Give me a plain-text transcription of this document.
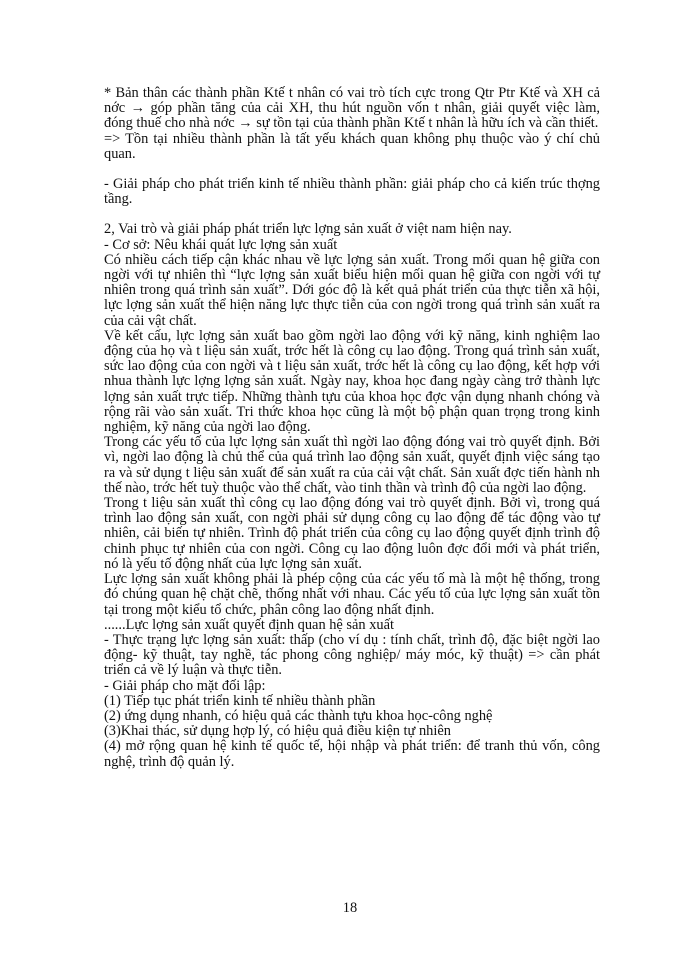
* Bản thân các thành phần Ktế t nhân có vai trò tích cực trong Qtr Ptr Ktế và XH cả nớc → góp phần tăng của cải XH, thu hút nguồn vốn t nhân, giải quyết việc làm, đóng thuế cho nhà nớc → sự tồn tại của thành phần Ktế t nhân là hữu ích và cần thiết.

=> Tồn tại nhiều thành phần là tất yếu khách quan không phụ thuộc vào ý chí chủ quan.

- Giải pháp cho phát triển kinh tế nhiều thành phần: giải pháp cho cả kiến trúc thợng tầng.

2, Vai trò và giải pháp phát triển lực lợng sản xuất ở việt nam hiện nay.

- Cơ sở: Nêu khái quát lực lợng sản xuất

Có nhiều cách tiếp cận khác nhau về lực lợng sản xuất. Trong mối quan hệ giữa con ngời với tự nhiên thì “lực lợng sản xuất biểu hiện mối quan hệ giữa con ngời với tự nhiên trong quá trình sản xuất”. Dới góc độ là kết quả phát triển của thực tiễn xã hội, lực lợng sản xuất thể hiện năng lực thực tiễn của con ngời trong quá trình sản xuất ra của cải vật chất.

Về kết cấu, lực lợng sản xuất bao gồm ngời lao động với kỹ năng, kinh nghiệm lao động của họ và t liệu sản xuất, trớc hết là công cụ lao động. Trong quá trình sản xuất, sức lao động của con ngời và t liệu sản xuất, trớc hết là công cụ lao động, kết hợp với nhua thành lực lợng lợng sản xuất. Ngày nay, khoa học đang ngày càng trở thành lực lợng sản xuất trực tiếp. Những thành tựu của khoa học đợc vận dụng nhanh chóng và rộng rãi vào sản xuất. Tri thức khoa học cũng là một bộ phận quan trọng trong kinh nghiệm, kỹ năng của ngời lao động.

Trong các yếu tố của lực lợng sản xuất thì ngời lao động đóng vai trò quyết định. Bởi vì, ngời lao động là chủ thể của quá trình lao động sản xuất, quyết định việc sáng tạo ra và sử dụng t liệu sản xuất để sản xuất ra của cải vật chất. Sản xuất đợc tiến hành nh thế nào, trớc hết tuỳ thuộc vào thể chất, vào tinh thần và trình độ của ngời lao động.

Trong t liệu sản xuất thì công cụ lao động đóng vai trò quyết định. Bởi vì, trong quá trình lao động sản xuất, con ngời phải sử dụng công cụ lao động để tác động vào tự nhiên, cải biến tự nhiên. Trình độ phát triển của công cụ lao động quyết định trình độ chinh phục tự nhiên của con ngời. Công cụ lao động luôn đợc đổi mới và phát triển, nó là yếu tố động nhất của lực lợng sản xuất.

Lực lợng sản xuất không phải là phép cộng của các yếu tố mà là một hệ thống, trong đó chúng quan hệ chặt chẽ, thống nhất với nhau. Các yếu tố của lực lợng sản xuất tồn tại trong một kiểu tổ chức, phân công lao động nhất định.

......Lực lợng sản xuất quyết định quan hệ sản xuất

- Thực trạng lực lợng sản xuất: thấp (cho ví dụ : tính chất, trình độ, đặc biệt ngời lao động- kỹ thuật, tay nghề, tác phong công nghiệp/ máy móc, kỹ thuật) => cần phát triển cả về lý luận và thực tiễn.

- Giải pháp cho mặt đối lập:

(1) Tiếp tục phát triển kinh tế nhiều thành phần

(2) ứng dụng nhanh, có hiệu quả các thành tựu khoa học-công nghệ

(3)Khai thác, sử dụng hợp lý, có hiệu quả điều kiện tự nhiên

(4) mở rộng quan hệ kinh tế quốc tế, hội nhập và phát triển: để tranh thủ vốn, công nghệ, trình độ quản lý.

18
